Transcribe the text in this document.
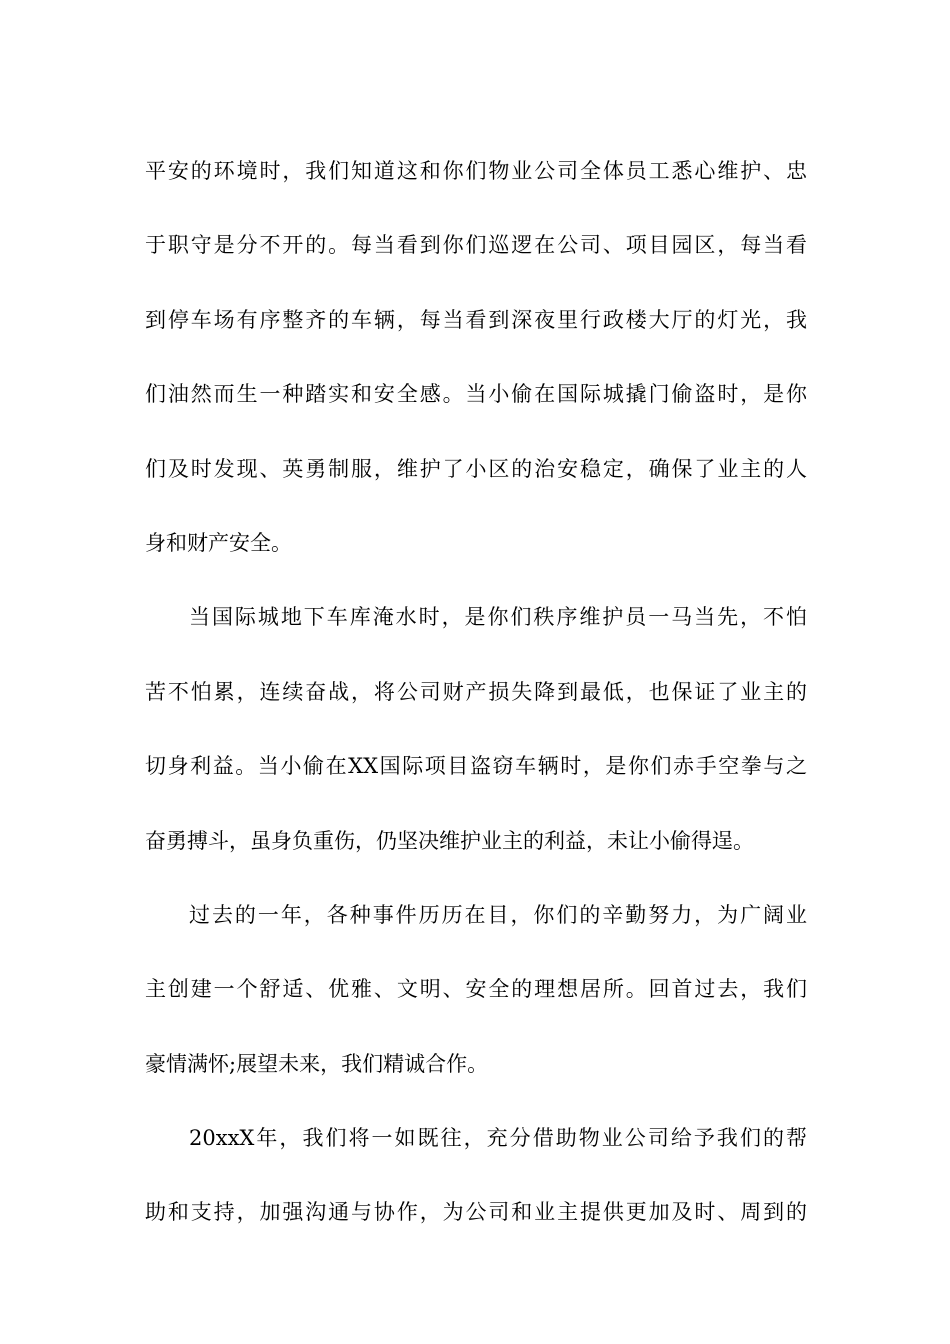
平安的环境时，我们知道这和你们物业公司全体员工悉心维护、忠
于职守是分不开的。每当看到你们巡逻在公司、项目园区，每当看
到停车场有序整齐的车辆，每当看到深夜里行政楼大厅的灯光，我
们油然而生一种踏实和安全感。当小偷在国际城撬门偷盗时，是你
们及时发现、英勇制服，维护了小区的治安稳定，确保了业主的人
身和财产安全。
当国际城地下车库淹水时，是你们秩序维护员一马当先，不怕
苦不怕累，连续奋战，将公司财产损失降到最低，也保证了业主的
切身利益。当小偷在XX国际项目盗窃车辆时，是你们赤手空拳与之
奋勇搏斗，虽身负重伤，仍坚决维护业主的利益，未让小偷得逞。
过去的一年，各种事件历历在目，你们的辛勤努力，为广阔业
主创建一个舒适、优雅、文明、安全的理想居所。回首过去，我们
豪情满怀;展望未来，我们精诚合作。
20xxX年，我们将一如既往，充分借助物业公司给予我们的帮
助和支持，加强沟通与协作，为公司和业主提供更加及时、周到的
